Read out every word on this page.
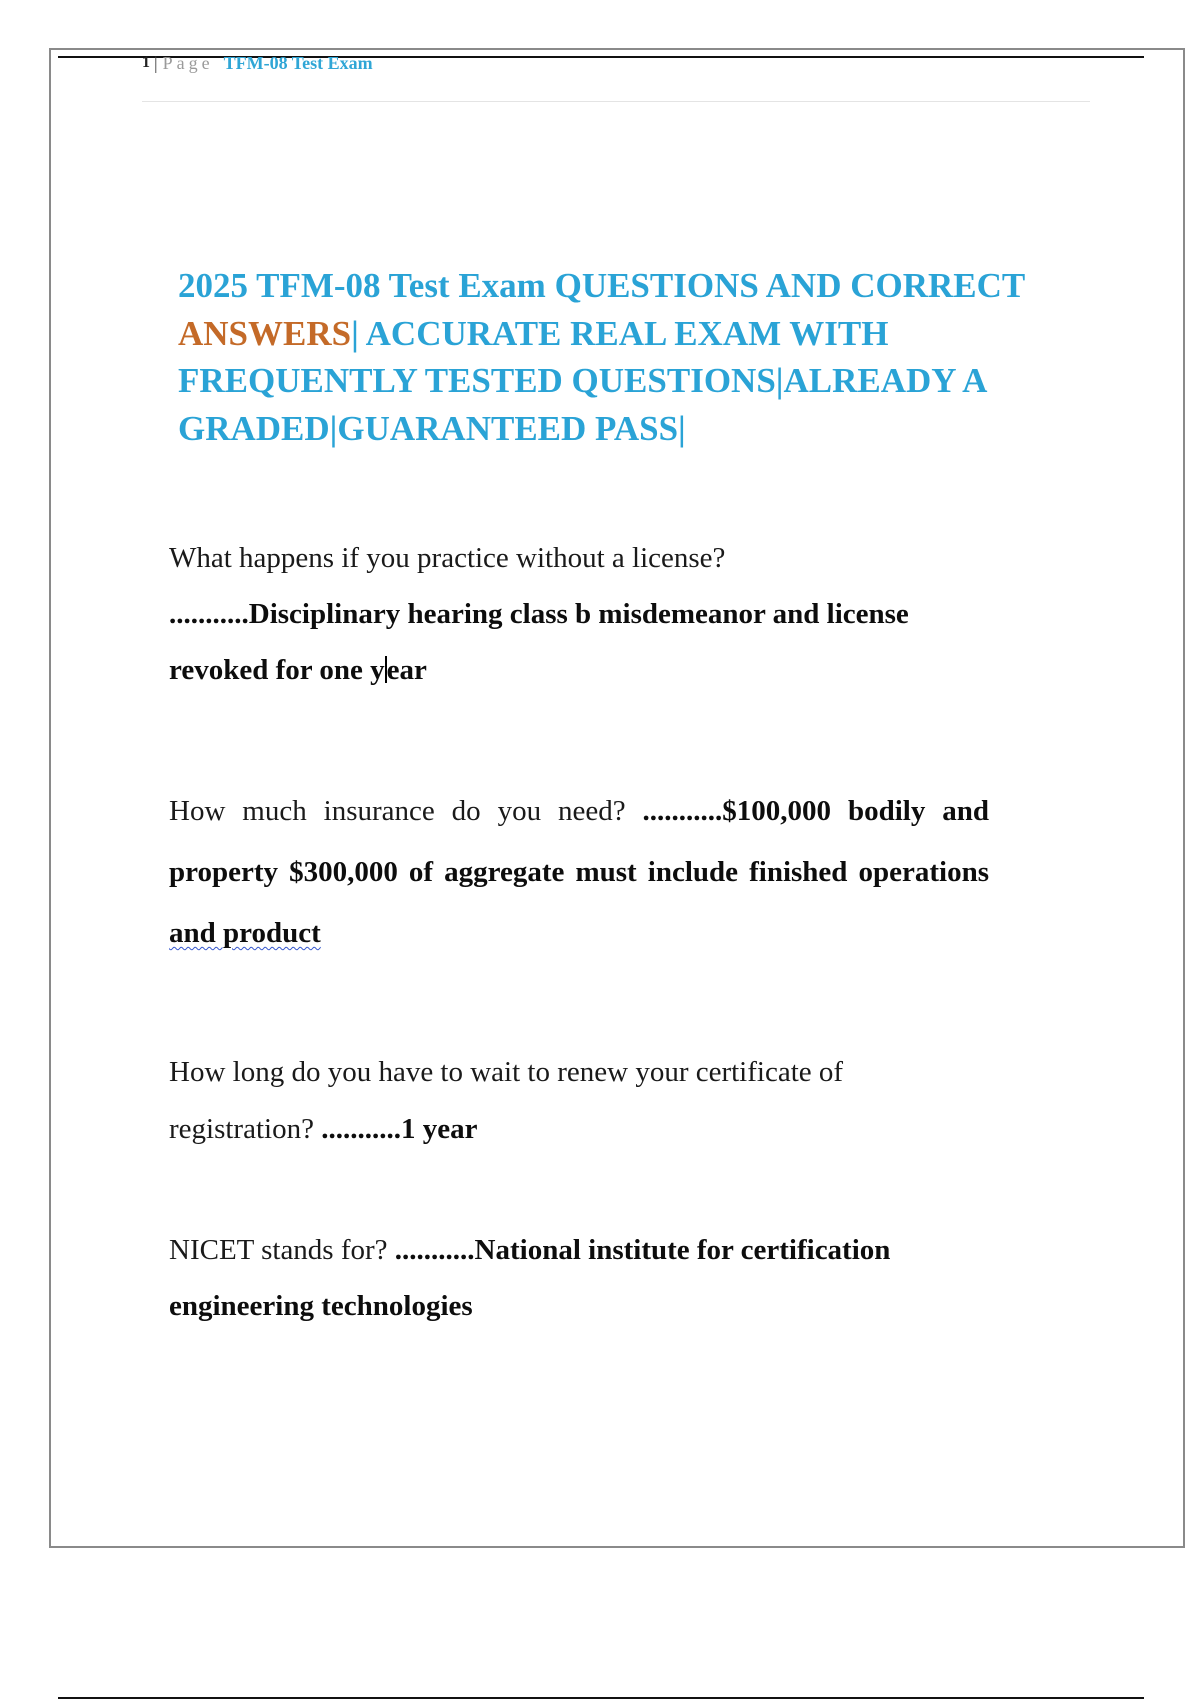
1 | Page TFM-08 Test Exam
2025 TFM-08 Test Exam QUESTIONS AND CORRECT ANSWERS| ACCURATE REAL EXAM WITH FREQUENTLY TESTED QUESTIONS|ALREADY A GRADED|GUARANTEED PASS|

What happens if you practice without a license?
...........Disciplinary hearing class b misdemeanor and license revoked for one year

How much insurance do you need? ...........$100,000 bodily and property $300,000 of aggregate must include finished operations and product

How long do you have to wait to renew your certificate of registration? ...........1 year

NICET stands for? ...........National institute for certification engineering technologies
